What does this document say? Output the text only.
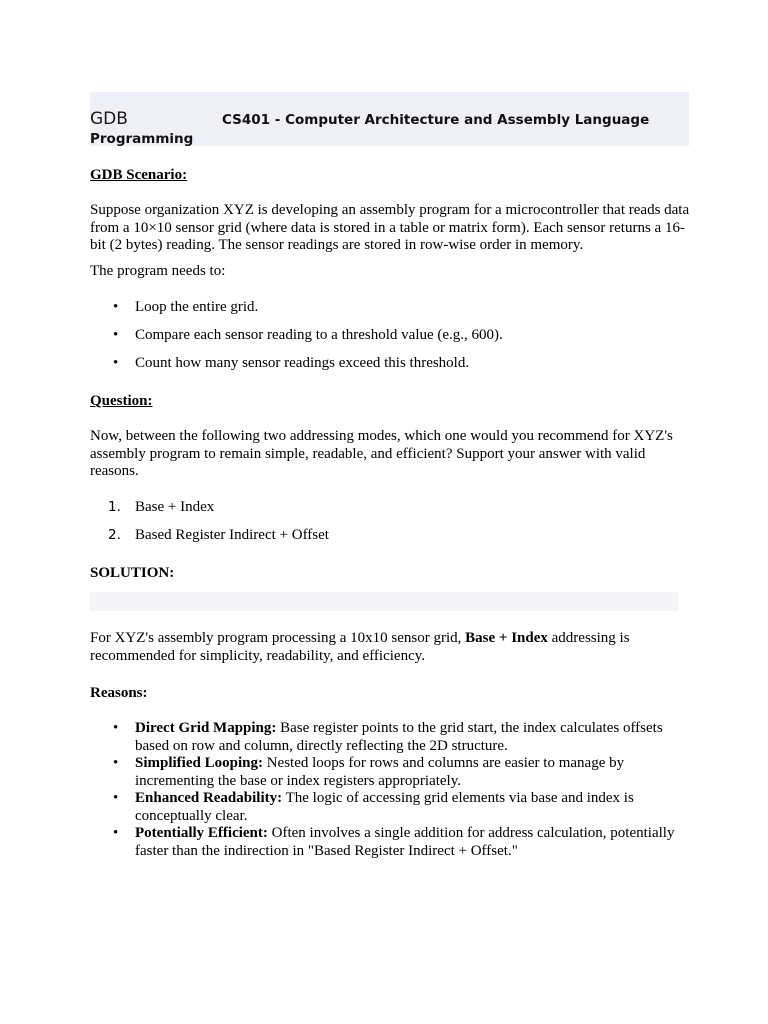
GDB	CS401 - Computer Architecture and Assembly Language
Programming
GDB Scenario:

Suppose organization XYZ is developing an assembly program for a microcontroller that reads data from a 10×10 sensor grid (where data is stored in a table or matrix form). Each sensor returns a 16-bit (2 bytes) reading. The sensor readings are stored in row-wise order in memory.

The program needs to:

• Loop the entire grid.
• Compare each sensor reading to a threshold value (e.g., 600).
• Count how many sensor readings exceed this threshold.
Question:

Now, between the following two addressing modes, which one would you recommend for XYZ's assembly program to remain simple, readable, and efficient? Support your answer with valid reasons.

1. Base + Index
2. Based Register Indirect + Offset
SOLUTION:

For XYZ's assembly program processing a 10x10 sensor grid, Base + Index addressing is recommended for simplicity, readability, and efficiency.

Reasons:
• Direct Grid Mapping: Base register points to the grid start, the index calculates offsets based on row and column, directly reflecting the 2D structure.
• Simplified Looping: Nested loops for rows and columns are easier to manage by incrementing the base or index registers appropriately.
• Enhanced Readability: The logic of accessing grid elements via base and index is conceptually clear.
• Potentially Efficient: Often involves a single addition for address calculation, potentially faster than the indirection in "Based Register Indirect + Offset."
